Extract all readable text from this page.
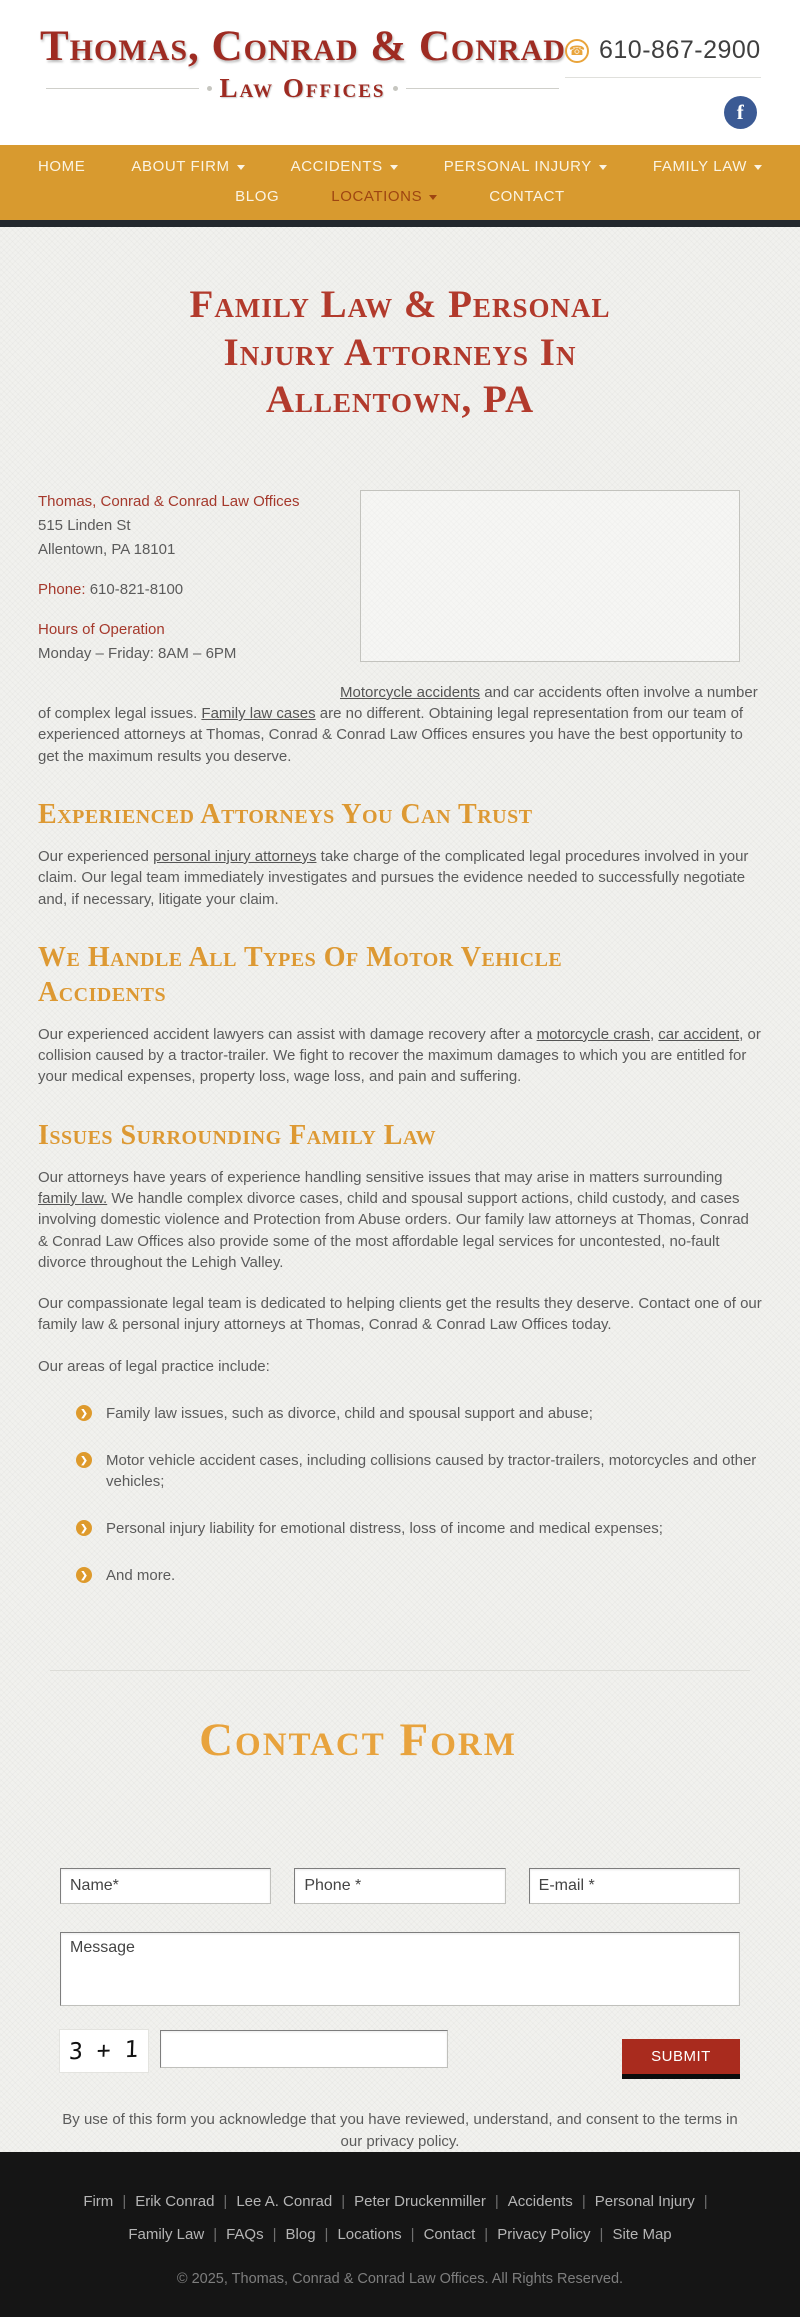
Thomas, Conrad & Conrad
Law Offices
☎ 610-867-2900
f
HOME	ABOUT FIRM	ACCIDENTS	PERSONAL INJURY	FAMILY LAW
BLOG	LOCATIONS	CONTACT
Family Law & Personal Injury Attorneys In Allentown, PA
Thomas, Conrad & Conrad Law Offices
515 Linden St
Allentown, PA 18101
Phone: 610-821-8100
Hours of Operation
Monday – Friday: 8AM – 6PM

Motorcycle accidents and car accidents often involve a number of complex legal issues. Family law cases are no different. Obtaining legal representation from our team of experienced attorneys at Thomas, Conrad & Conrad Law Offices ensures you have the best opportunity to get the maximum results you deserve.

Experienced Attorneys You Can Trust

Our experienced personal injury attorneys take charge of the complicated legal procedures involved in your claim. Our legal team immediately investigates and pursues the evidence needed to successfully negotiate and, if necessary, litigate your claim.

We Handle All Types Of Motor Vehicle Accidents

Our experienced accident lawyers can assist with damage recovery after a motorcycle crash, car accident, or collision caused by a tractor-trailer. We fight to recover the maximum damages to which you are entitled for your medical expenses, property loss, wage loss, and pain and suffering.

Issues Surrounding Family Law

Our attorneys have years of experience handling sensitive issues that may arise in matters surrounding family law. We handle complex divorce cases, child and spousal support actions, child custody, and cases involving domestic violence and Protection from Abuse orders. Our family law attorneys at Thomas, Conrad & Conrad Law Offices also provide some of the most affordable legal services for uncontested, no-fault divorce throughout the Lehigh Valley.

Our compassionate legal team is dedicated to helping clients get the results they deserve. Contact one of our family law & personal injury attorneys at Thomas, Conrad & Conrad Law Offices today.

Our areas of legal practice include:

❯
Family law issues, such as divorce, child and spousal support and abuse;
❯
Motor vehicle accident cases, including collisions caused by tractor-trailers, motorcycles and other vehicles;
❯
Personal injury liability for emotional distress, loss of income and medical expenses;
❯
And more.
Contact Form
Name*
Phone *
E-mail *
Message
3 + 1	SUBMIT

By use of this form you acknowledge that you have reviewed, understand, and consent to the terms in our privacy policy.

Firm | Erik Conrad | Lee A. Conrad | Peter Druckenmiller | Accidents | Personal Injury |
Family Law | FAQs | Blog | Locations | Contact | Privacy Policy | Site Map
© 2025, Thomas, Conrad & Conrad Law Offices. All Rights Reserved.
